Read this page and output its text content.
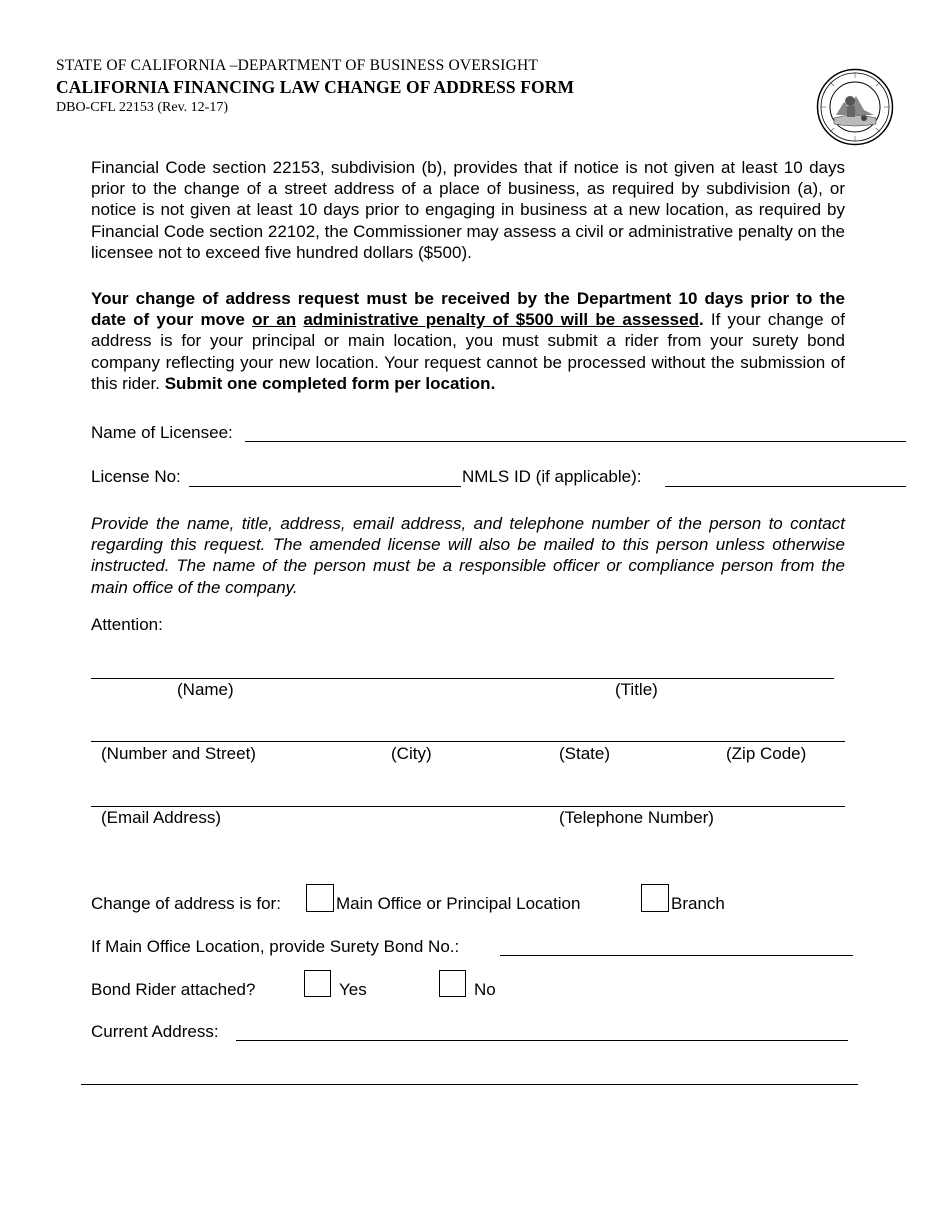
STATE OF CALIFORNIA –DEPARTMENT OF BUSINESS OVERSIGHT
CALIFORNIA FINANCING LAW CHANGE OF ADDRESS FORM
DBO-CFL 22153 (Rev. 12-17)
Financial Code section 22153, subdivision (b), provides that if notice is not given at least 10 days prior to the change of a street address of a place of business, as required by subdivision (a), or notice is not given at least 10 days prior to engaging in business at a new location, as required by Financial Code section 22102, the Commissioner may assess a civil or administrative penalty on the licensee not to exceed five hundred dollars ($500).
Your change of address request must be received by the Department 10 days prior to the date of your move or an administrative penalty of $500 will be assessed. If your change of address is for your principal or main location, you must submit a rider from your surety bond company reflecting your new location. Your request cannot be processed without the submission of this rider. Submit one completed form per location.
Name of Licensee:
License No:	NMLS ID (if applicable):
Provide the name, title, address, email address, and telephone number of the person to contact regarding this request. The amended license will also be mailed to this person unless otherwise instructed. The name of the person must be a responsible officer or compliance person from the main office of the company.
Attention:
(Name)	(Title)
(Number and Street)	(City)	(State)	(Zip Code)
(Email Address)	(Telephone Number)
Change of address is for:	Main Office or Principal Location	Branch
If Main Office Location, provide Surety Bond No.:
Bond Rider attached?	Yes	No
Current Address:
